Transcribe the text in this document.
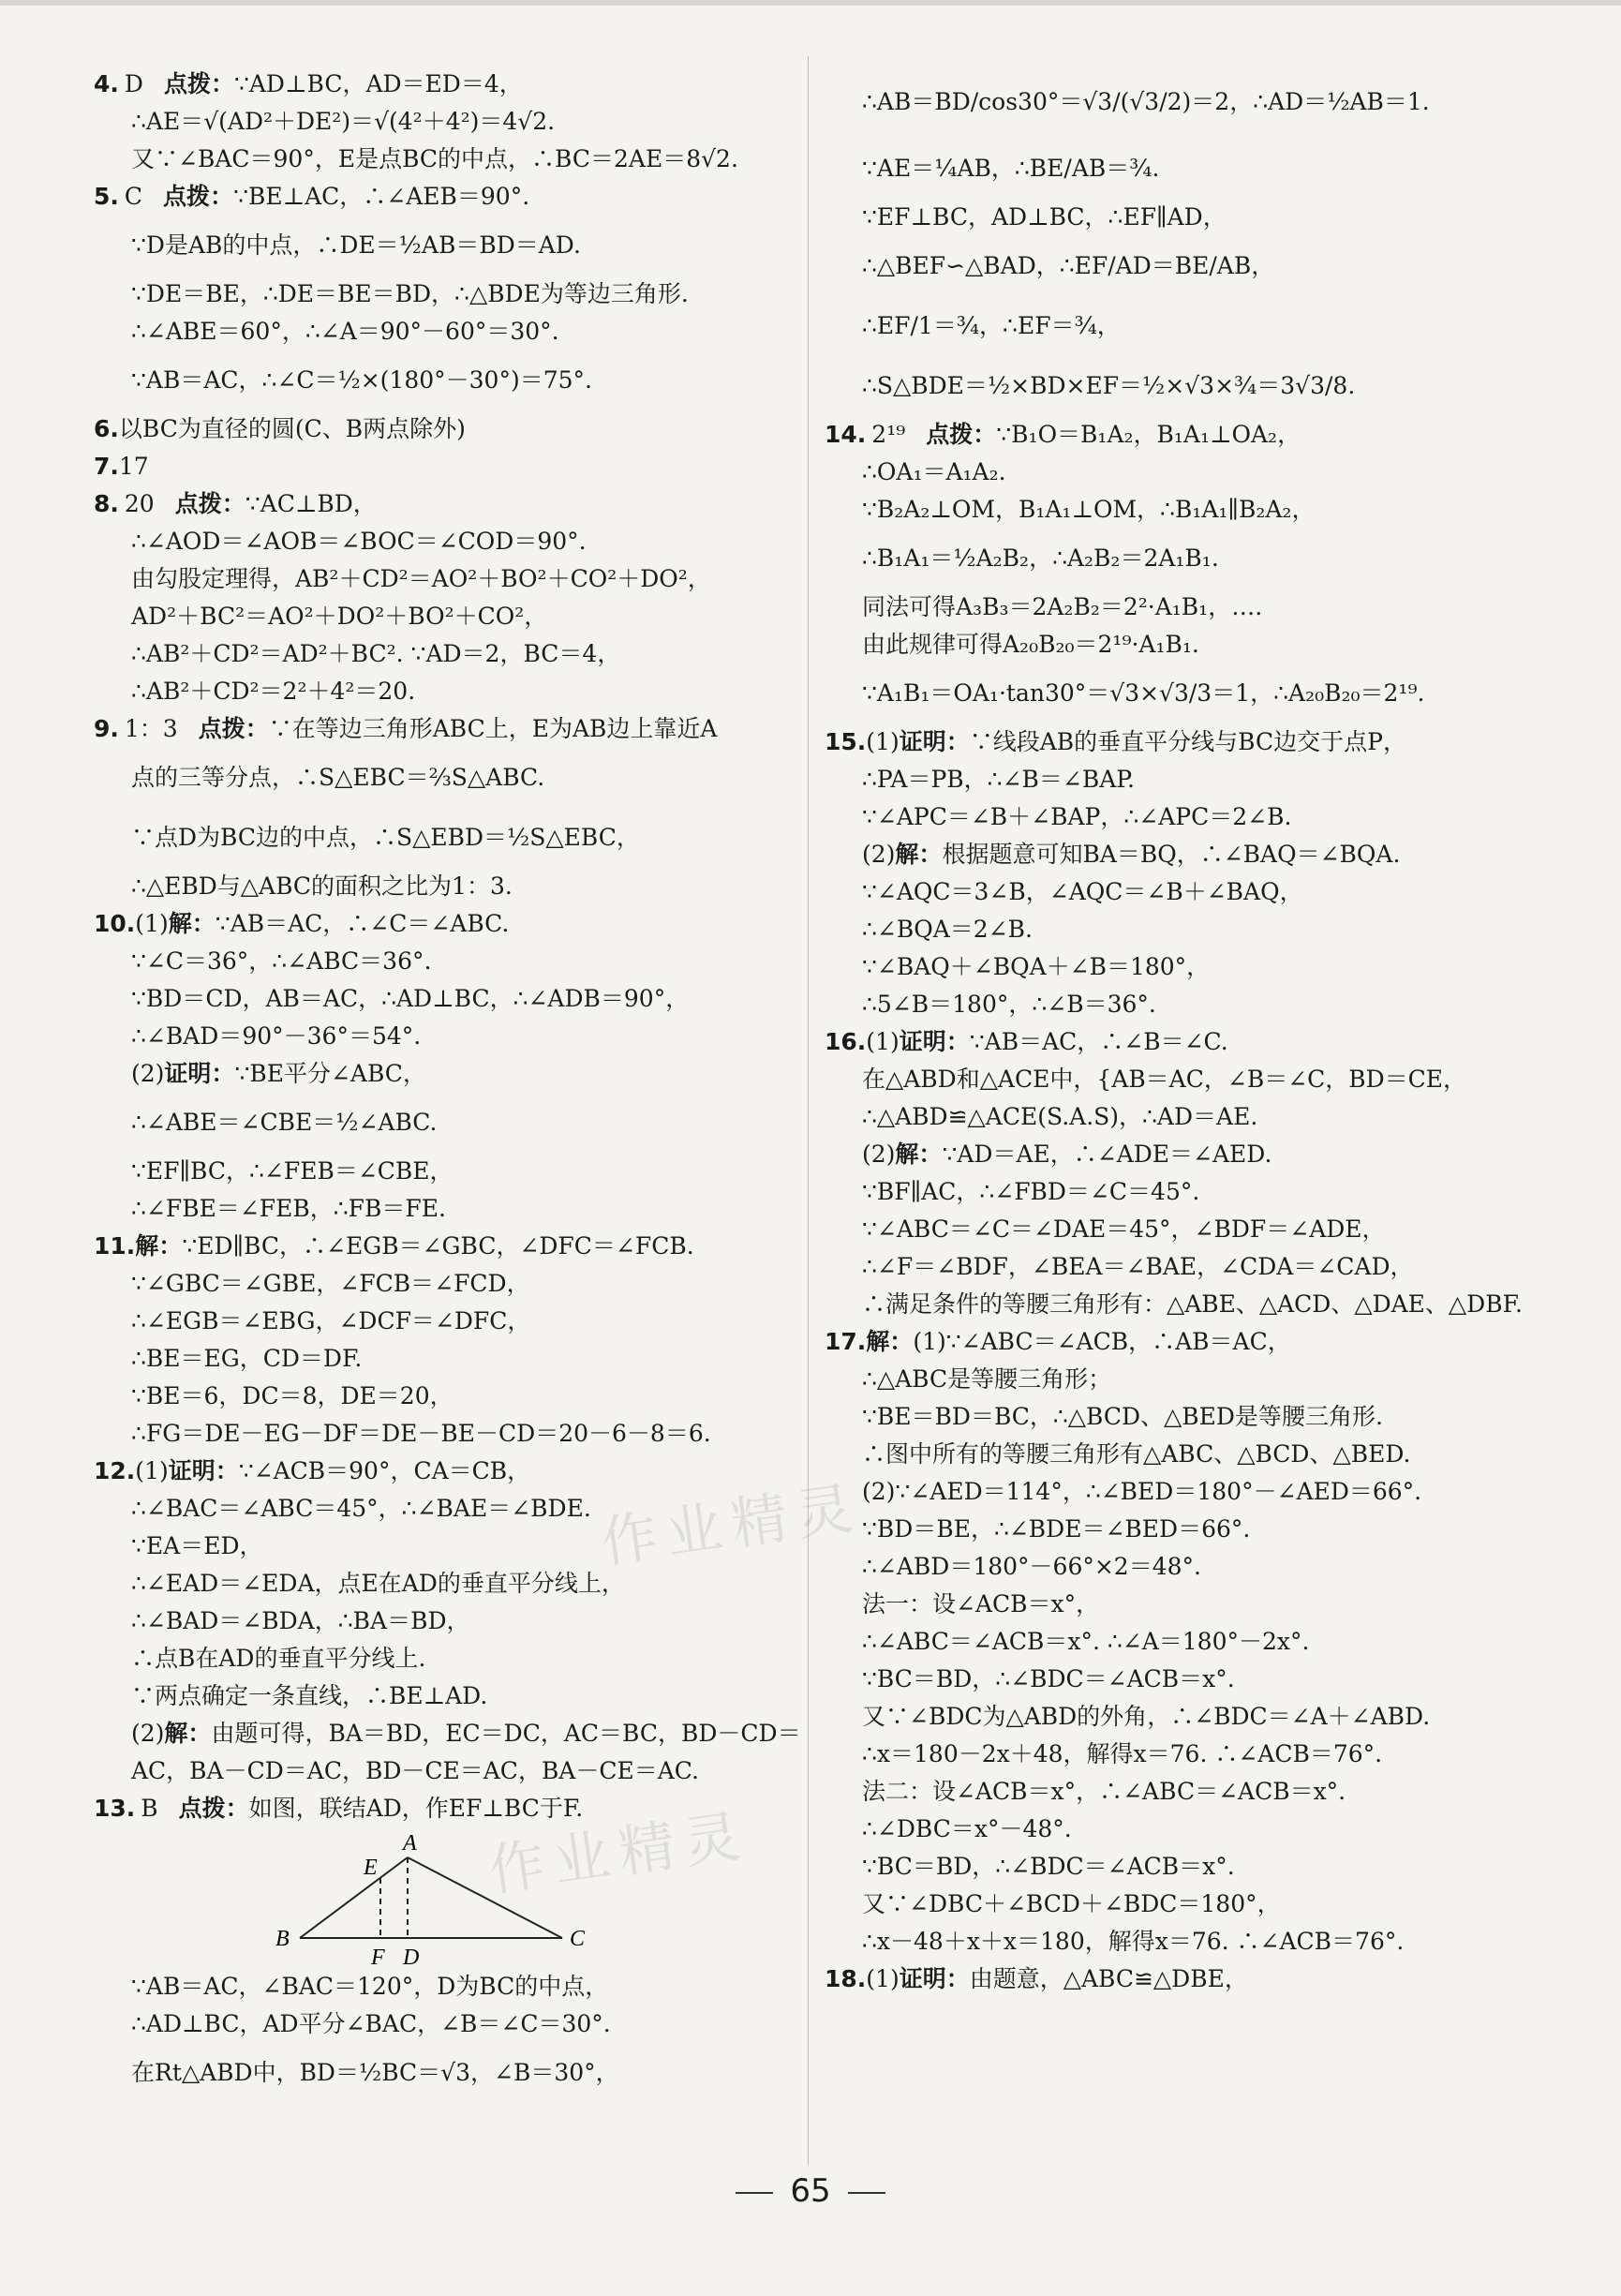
4. D 点拨：∵AD⊥BC，AD＝ED＝4，
∴AE＝√(AD²＋DE²)＝√(4²＋4²)＝4√2.
又∵∠BAC＝90°，E是点BC的中点，∴BC＝2AE＝8√2.
5. C 点拨：∵BE⊥AC，∴∠AEB＝90°.
∵D是AB的中点，∴DE＝½AB＝BD＝AD.
∵DE＝BE，∴DE＝BE＝BD，∴△BDE为等边三角形.
∴∠ABE＝60°，∴∠A＝90°－60°＝30°.
∵AB＝AC，∴∠C＝½×(180°－30°)＝75°.
6.以BC为直径的圆(C、B两点除外)
7.17
8. 20 点拨：∵AC⊥BD，
∴∠AOD＝∠AOB＝∠BOC＝∠COD＝90°.
由勾股定理得，AB²＋CD²＝AO²＋BO²＋CO²＋DO²，
AD²＋BC²＝AO²＋DO²＋BO²＋CO²，
∴AB²＋CD²＝AD²＋BC². ∵AD＝2，BC＝4，
∴AB²＋CD²＝2²＋4²＝20.
9. 1：3 点拨：∵在等边三角形ABC上，E为AB边上靠近A
点的三等分点，∴S△EBC＝⅔S△ABC.
∵点D为BC边的中点，∴S△EBD＝½S△EBC，
∴△EBD与△ABC的面积之比为1：3.
10.(1)解：∵AB＝AC，∴∠C＝∠ABC.
∵∠C＝36°，∴∠ABC＝36°.
∵BD＝CD，AB＝AC，∴AD⊥BC，∴∠ADB＝90°，
∴∠BAD＝90°－36°＝54°.
(2)证明：∵BE平分∠ABC，
∴∠ABE＝∠CBE＝½∠ABC.
∵EF∥BC，∴∠FEB＝∠CBE，
∴∠FBE＝∠FEB，∴FB＝FE.
11.解：∵ED∥BC，∴∠EGB＝∠GBC，∠DFC＝∠FCB.
∵∠GBC＝∠GBE，∠FCB＝∠FCD，
∴∠EGB＝∠EBG，∠DCF＝∠DFC，
∴BE＝EG，CD＝DF.
∵BE＝6，DC＝8，DE＝20，
∴FG＝DE－EG－DF＝DE－BE－CD＝20－6－8＝6.
12.(1)证明：∵∠ACB＝90°，CA＝CB，
∴∠BAC＝∠ABC＝45°，∴∠BAE＝∠BDE.
∵EA＝ED，
∴∠EAD＝∠EDA，点E在AD的垂直平分线上，
∴∠BAD＝∠BDA，∴BA＝BD，
∴点B在AD的垂直平分线上.
∵两点确定一条直线，∴BE⊥AD.
(2)解：由题可得，BA＝BD，EC＝DC，AC＝BC，BD－CD＝
AC，BA－CD＝AC，BD－CE＝AC，BA－CE＝AC.
13. B 点拨：如图，联结AD，作EF⊥BC于F.
B	C
A
E
F D
∵AB＝AC，∠BAC＝120°，D为BC的中点，
∴AD⊥BC，AD平分∠BAC，∠B＝∠C＝30°.
在Rt△ABD中，BD＝½BC＝√3，∠B＝30°，
∴AB＝BD/cos30°＝√3/(√3/2)＝2，∴AD＝½AB＝1.
∵AE＝¼AB，∴BE/AB＝¾.
∵EF⊥BC，AD⊥BC，∴EF∥AD，
∴△BEF∽△BAD，∴EF/AD＝BE/AB，
∴EF/1＝¾，∴EF＝¾，
∴S△BDE＝½×BD×EF＝½×√3×¾＝3√3/8.
14. 2¹⁹ 点拨：∵B₁O＝B₁A₂，B₁A₁⊥OA₂，
∴OA₁＝A₁A₂.
∵B₂A₂⊥OM，B₁A₁⊥OM，∴B₁A₁∥B₂A₂，
∴B₁A₁＝½A₂B₂，∴A₂B₂＝2A₁B₁.
同法可得A₃B₃＝2A₂B₂＝2²·A₁B₁，….
由此规律可得A₂₀B₂₀＝2¹⁹·A₁B₁.
∵A₁B₁＝OA₁·tan30°＝√3×√3/3＝1，∴A₂₀B₂₀＝2¹⁹.
15.(1)证明：∵线段AB的垂直平分线与BC边交于点P，
∴PA＝PB，∴∠B＝∠BAP.
∵∠APC＝∠B＋∠BAP，∴∠APC＝2∠B.
(2)解：根据题意可知BA＝BQ，∴∠BAQ＝∠BQA.
∵∠AQC＝3∠B，∠AQC＝∠B＋∠BAQ，
∴∠BQA＝2∠B.
∵∠BAQ＋∠BQA＋∠B＝180°，
∴5∠B＝180°，∴∠B＝36°.
16.(1)证明：∵AB＝AC，∴∠B＝∠C.
在△ABD和△ACE中，{AB＝AC，∠B＝∠C，BD＝CE，
∴△ABD≌△ACE(S.A.S)，∴AD＝AE.
(2)解：∵AD＝AE，∴∠ADE＝∠AED.
∵BF∥AC，∴∠FBD＝∠C＝45°.
∵∠ABC＝∠C＝∠DAE＝45°，∠BDF＝∠ADE，
∴∠F＝∠BDF，∠BEA＝∠BAE，∠CDA＝∠CAD，
∴满足条件的等腰三角形有：△ABE、△ACD、△DAE、△DBF.
17.解：(1)∵∠ABC＝∠ACB，∴AB＝AC，
∴△ABC是等腰三角形；
∵BE＝BD＝BC，∴△BCD、△BED是等腰三角形.
∴图中所有的等腰三角形有△ABC、△BCD、△BED.
(2)∵∠AED＝114°，∴∠BED＝180°－∠AED＝66°.
∵BD＝BE，∴∠BDE＝∠BED＝66°.
∴∠ABD＝180°－66°×2＝48°.
法一：设∠ACB＝x°，
∴∠ABC＝∠ACB＝x°. ∴∠A＝180°－2x°.
∵BC＝BD，∴∠BDC＝∠ACB＝x°.
又∵∠BDC为△ABD的外角，∴∠BDC＝∠A＋∠ABD.
∴x＝180－2x＋48，解得x＝76. ∴∠ACB＝76°.
法二：设∠ACB＝x°，∴∠ABC＝∠ACB＝x°.
∴∠DBC＝x°－48°.
∵BC＝BD，∴∠BDC＝∠ACB＝x°.
又∵∠DBC＋∠BCD＋∠BDC＝180°，
∴x－48＋x＋x＝180，解得x＝76. ∴∠ACB＝76°.
18.(1)证明：由题意，△ABC≌△DBE，
65
作业精灵
作业精灵
